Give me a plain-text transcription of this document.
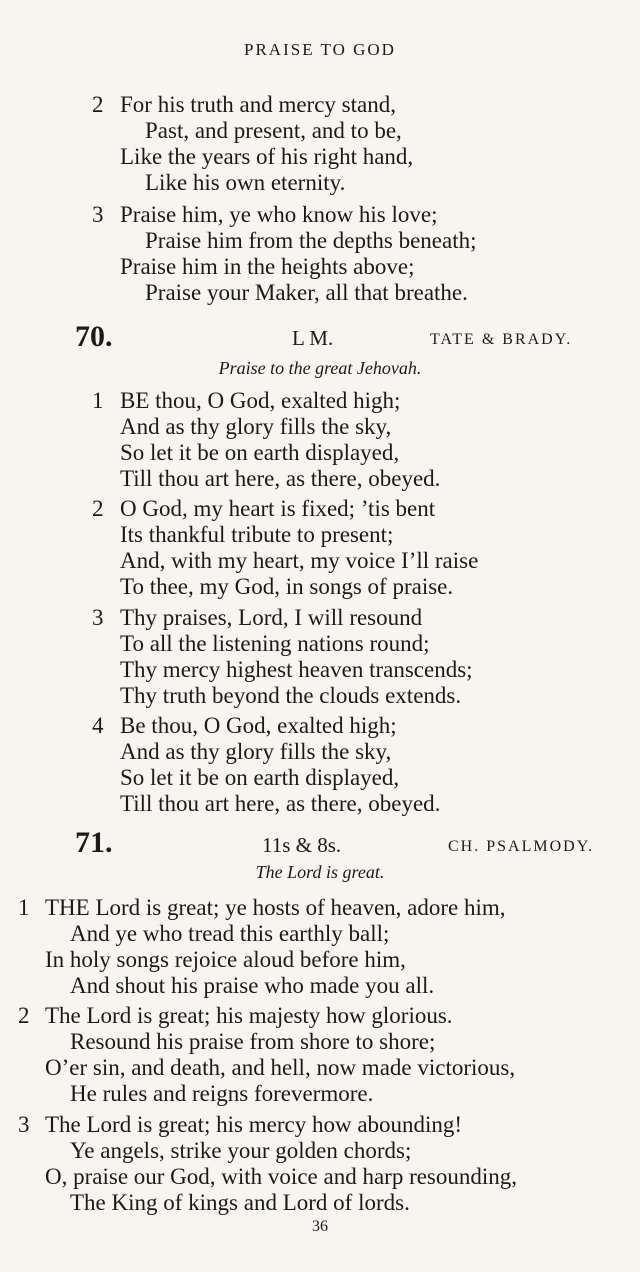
PRAISE TO GOD
2 For his truth and mercy stand,
Past, and present, and to be,
Like the years of his right hand,
Like his own eternity.
3 Praise him, ye who know his love;
Praise him from the depths beneath;
Praise him in the heights above;
Praise your Maker, all that breathe.
70.	L M.	TATE & BRADY.
Praise to the great Jehovah.
1 BE thou, O God, exalted high;
And as thy glory fills the sky,
So let it be on earth displayed,
Till thou art here, as there, obeyed.
2 O God, my heart is fixed; ’tis bent
Its thankful tribute to present;
And, with my heart, my voice I’ll raise
To thee, my God, in songs of praise.
3 Thy praises, Lord, I will resound
To all the listening nations round;
Thy mercy highest heaven transcends;
Thy truth beyond the clouds extends.
4 Be thou, O God, exalted high;
And as thy glory fills the sky,
So let it be on earth displayed,
Till thou art here, as there, obeyed.
71.	11s & 8s.	CH. PSALMODY.
The Lord is great.
1 THE Lord is great; ye hosts of heaven, adore him,
And ye who tread this earthly ball;
In holy songs rejoice aloud before him,
And shout his praise who made you all.
2 The Lord is great; his majesty how glorious.
Resound his praise from shore to shore;
O’er sin, and death, and hell, now made victorious,
He rules and reigns forevermore.
3 The Lord is great; his mercy how abounding!
Ye angels, strike your golden chords;
O, praise our God, with voice and harp resounding,
The King of kings and Lord of lords.
36
